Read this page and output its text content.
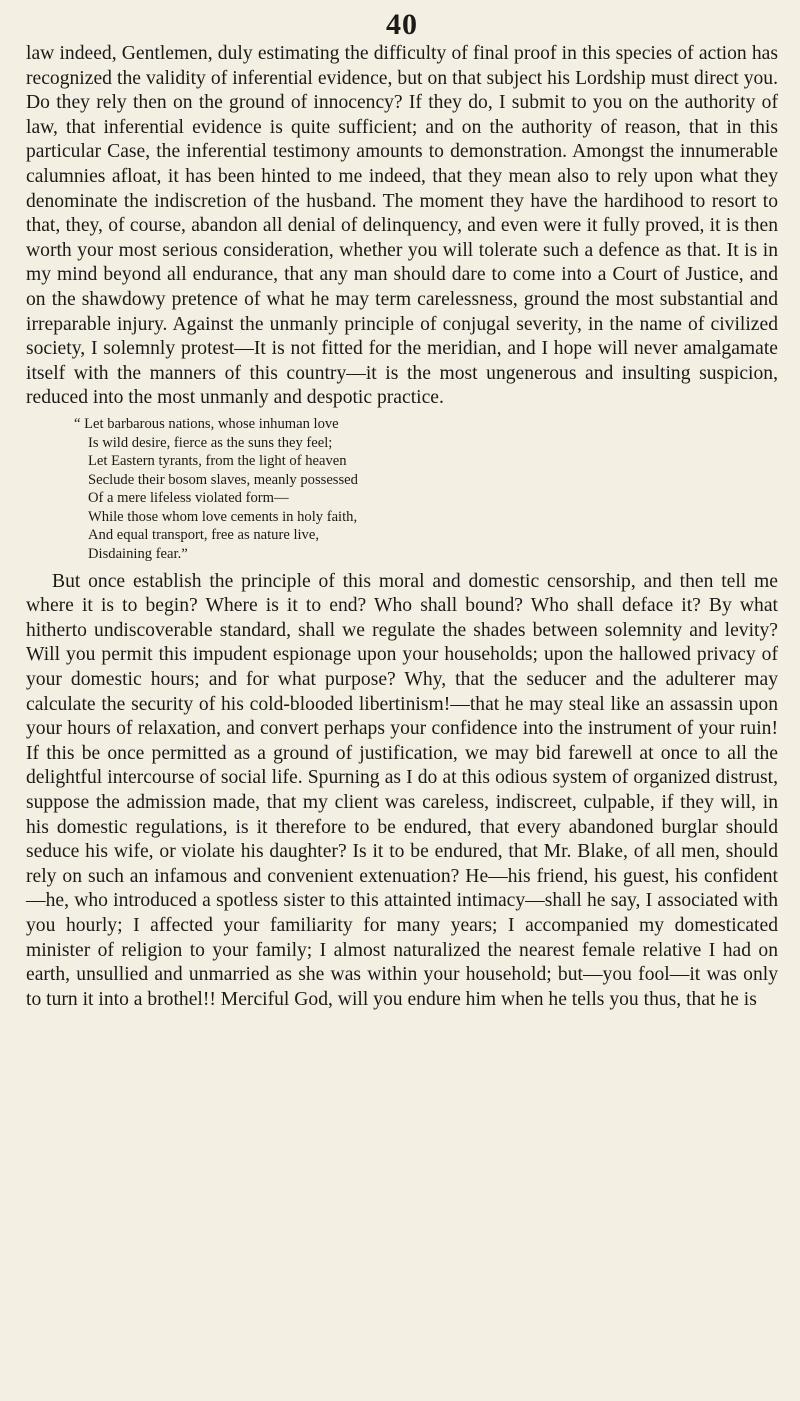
40

law indeed, Gentlemen, duly estimating the difficulty of final proof in this species of action has recognized the validity of inferential evidence, but on that subject his Lordship must direct you. Do they rely then on the ground of innocency? If they do, I submit to you on the authority of law, that inferential evidence is quite sufficient; and on the authority of reason, that in this particular Case, the inferential testimony amounts to demonstration. Amongst the innumerable calumnies afloat, it has been hinted to me indeed, that they mean also to rely upon what they denominate the indiscretion of the husband. The moment they have the hardihood to resort to that, they, of course, abandon all denial of delinquency, and even were it fully proved, it is then worth your most serious consideration, whether you will tolerate such a defence as that. It is in my mind beyond all endurance, that any man should dare to come into a Court of Justice, and on the shawdowy pretence of what he may term carelessness, ground the most substantial and irreparable injury. Against the unmanly principle of conjugal severity, in the name of civilized society, I solemnly protest—It is not fitted for the meridian, and I hope will never amalgamate itself with the manners of this country—it is the most ungenerous and insulting suspicion, reduced into the most unmanly and despotic practice.

“ Let barbarous nations, whose inhuman love
Is wild desire, fierce as the suns they feel;
Let Eastern tyrants, from the light of heaven
Seclude their bosom slaves, meanly possessed
Of a mere lifeless violated form—
While those whom love cements in holy faith,
And equal transport, free as nature live,
Disdaining fear.”

But once establish the principle of this moral and domestic censorship, and then tell me where it is to begin? Where is it to end? Who shall bound? Who shall deface it? By what hitherto undiscoverable standard, shall we regulate the shades between solemnity and levity? Will you permit this impudent espionage upon your households; upon the hallowed privacy of your domestic hours; and for what purpose? Why, that the seducer and the adulterer may calculate the security of his cold-blooded libertinism!—that he may steal like an assassin upon your hours of relaxation, and convert perhaps your confidence into the instrument of your ruin! If this be once permitted as a ground of justification, we may bid farewell at once to all the delightful intercourse of social life. Spurning as I do at this odious system of organized distrust, suppose the admission made, that my client was careless, indiscreet, culpable, if they will, in his domestic regulations, is it therefore to be endured, that every abandoned burglar should seduce his wife, or violate his daughter? Is it to be endured, that Mr. Blake, of all men, should rely on such an infamous and convenient extenuation? He—his friend, his guest, his confident—he, who introduced a spotless sister to this attainted intimacy—shall he say, I associated with you hourly; I affected your familiarity for many years; I accompanied my domesticated minister of religion to your family; I almost naturalized the nearest female relative I had on earth, unsullied and unmarried as she was within your household; but—you fool—it was only to turn it into a brothel!! Merciful God, will you endure him when he tells you thus, that he is
